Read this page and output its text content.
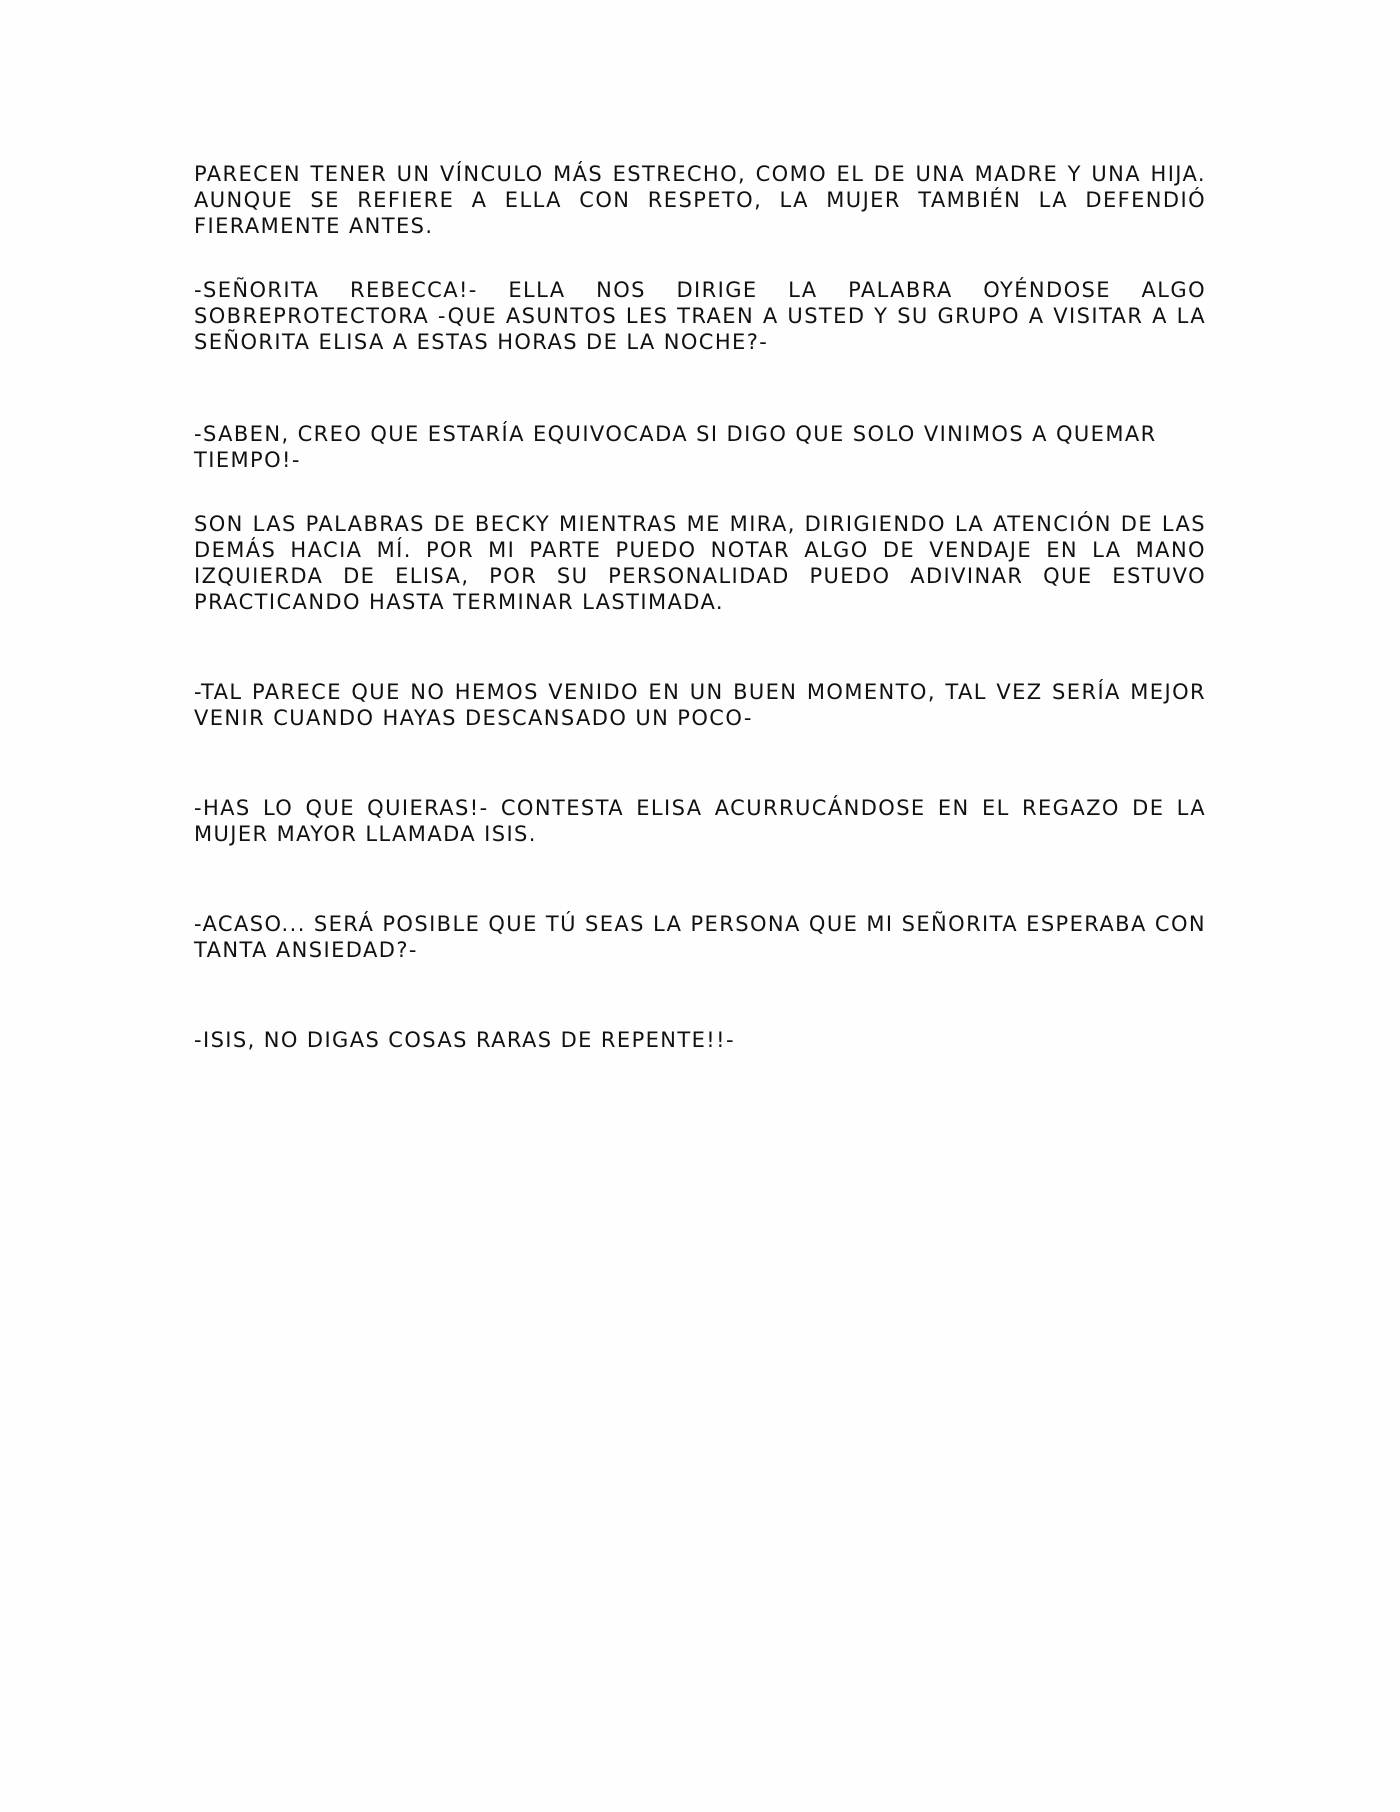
PARECEN TENER UN VÍNCULO MÁS ESTRECHO, COMO EL DE UNA MADRE Y UNA HIJA. AUNQUE SE REFIERE A ELLA CON RESPETO, LA MUJER TAMBIÉN LA DEFENDIÓ FIERAMENTE ANTES.

-SEÑORITA REBECCA!- ELLA NOS DIRIGE LA PALABRA OYÉNDOSE ALGO SOBREPROTECTORA -QUE ASUNTOS LES TRAEN A USTED Y SU GRUPO A VISITAR A LA SEÑORITA ELISA A ESTAS HORAS DE LA NOCHE?-

-SABEN, CREO QUE ESTARÍA EQUIVOCADA SI DIGO QUE SOLO VINIMOS A QUEMAR TIEMPO!-

SON LAS PALABRAS DE BECKY MIENTRAS ME MIRA, DIRIGIENDO LA ATENCIÓN DE LAS DEMÁS HACIA MÍ. POR MI PARTE PUEDO NOTAR ALGO DE VENDAJE EN LA MANO IZQUIERDA DE ELISA, POR SU PERSONALIDAD PUEDO ADIVINAR QUE ESTUVO PRACTICANDO HASTA TERMINAR LASTIMADA.

-TAL PARECE QUE NO HEMOS VENIDO EN UN BUEN MOMENTO, TAL VEZ SERÍA MEJOR VENIR CUANDO HAYAS DESCANSADO UN POCO-

-HAS LO QUE QUIERAS!- CONTESTA ELISA ACURRUCÁNDOSE EN EL REGAZO DE LA MUJER MAYOR LLAMADA ISIS.

-ACASO... SERÁ POSIBLE QUE TÚ SEAS LA PERSONA QUE MI SEÑORITA ESPERABA CON TANTA ANSIEDAD?-

-ISIS, NO DIGAS COSAS RARAS DE REPENTE!!-
